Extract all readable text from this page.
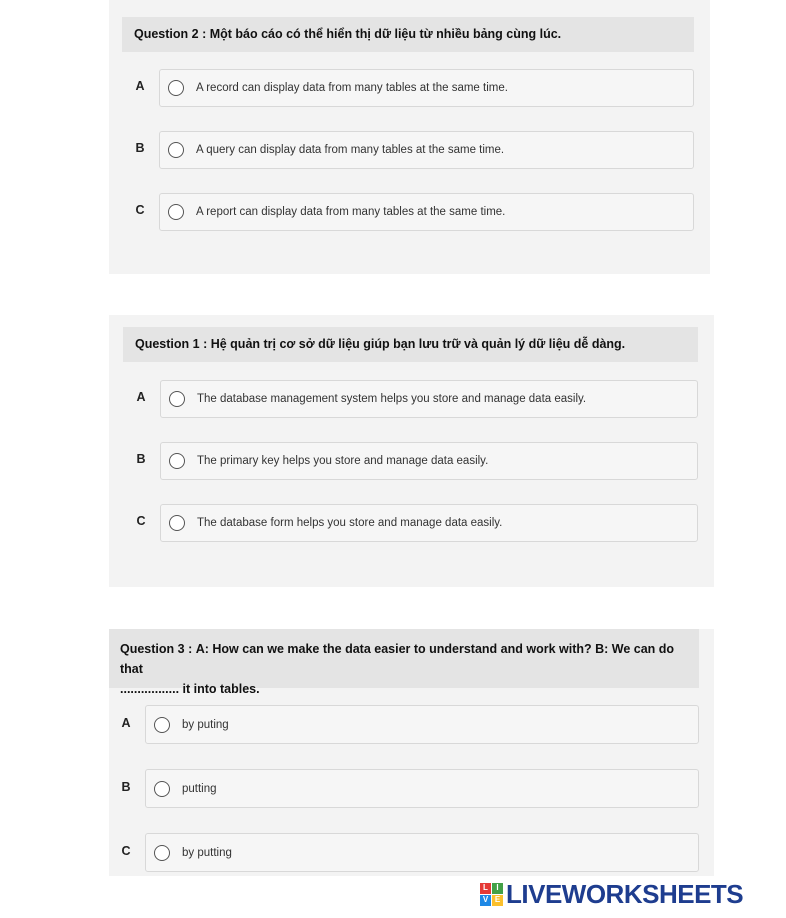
Question 2 : Một báo cáo có thể hiển thị dữ liệu từ nhiều bảng cùng lúc.
A	A record can display data from many tables at the same time.
B	A query can display data from many tables at the same time.
C	A report can display data from many tables at the same time.
Question 1 : Hệ quản trị cơ sở dữ liệu giúp bạn lưu trữ và quản lý dữ liệu dễ dàng.
A	The database management system helps you store and manage data easily.
B	The primary key helps you store and manage data easily.
C	The database form helps you store and manage data easily.
Question 3 : A: How can we make the data easier to understand and work with? B: We can do that
................. it into tables.
A	by puting
B	putting
C	by putting
L	I
V E LIVEWORKSHEETS
